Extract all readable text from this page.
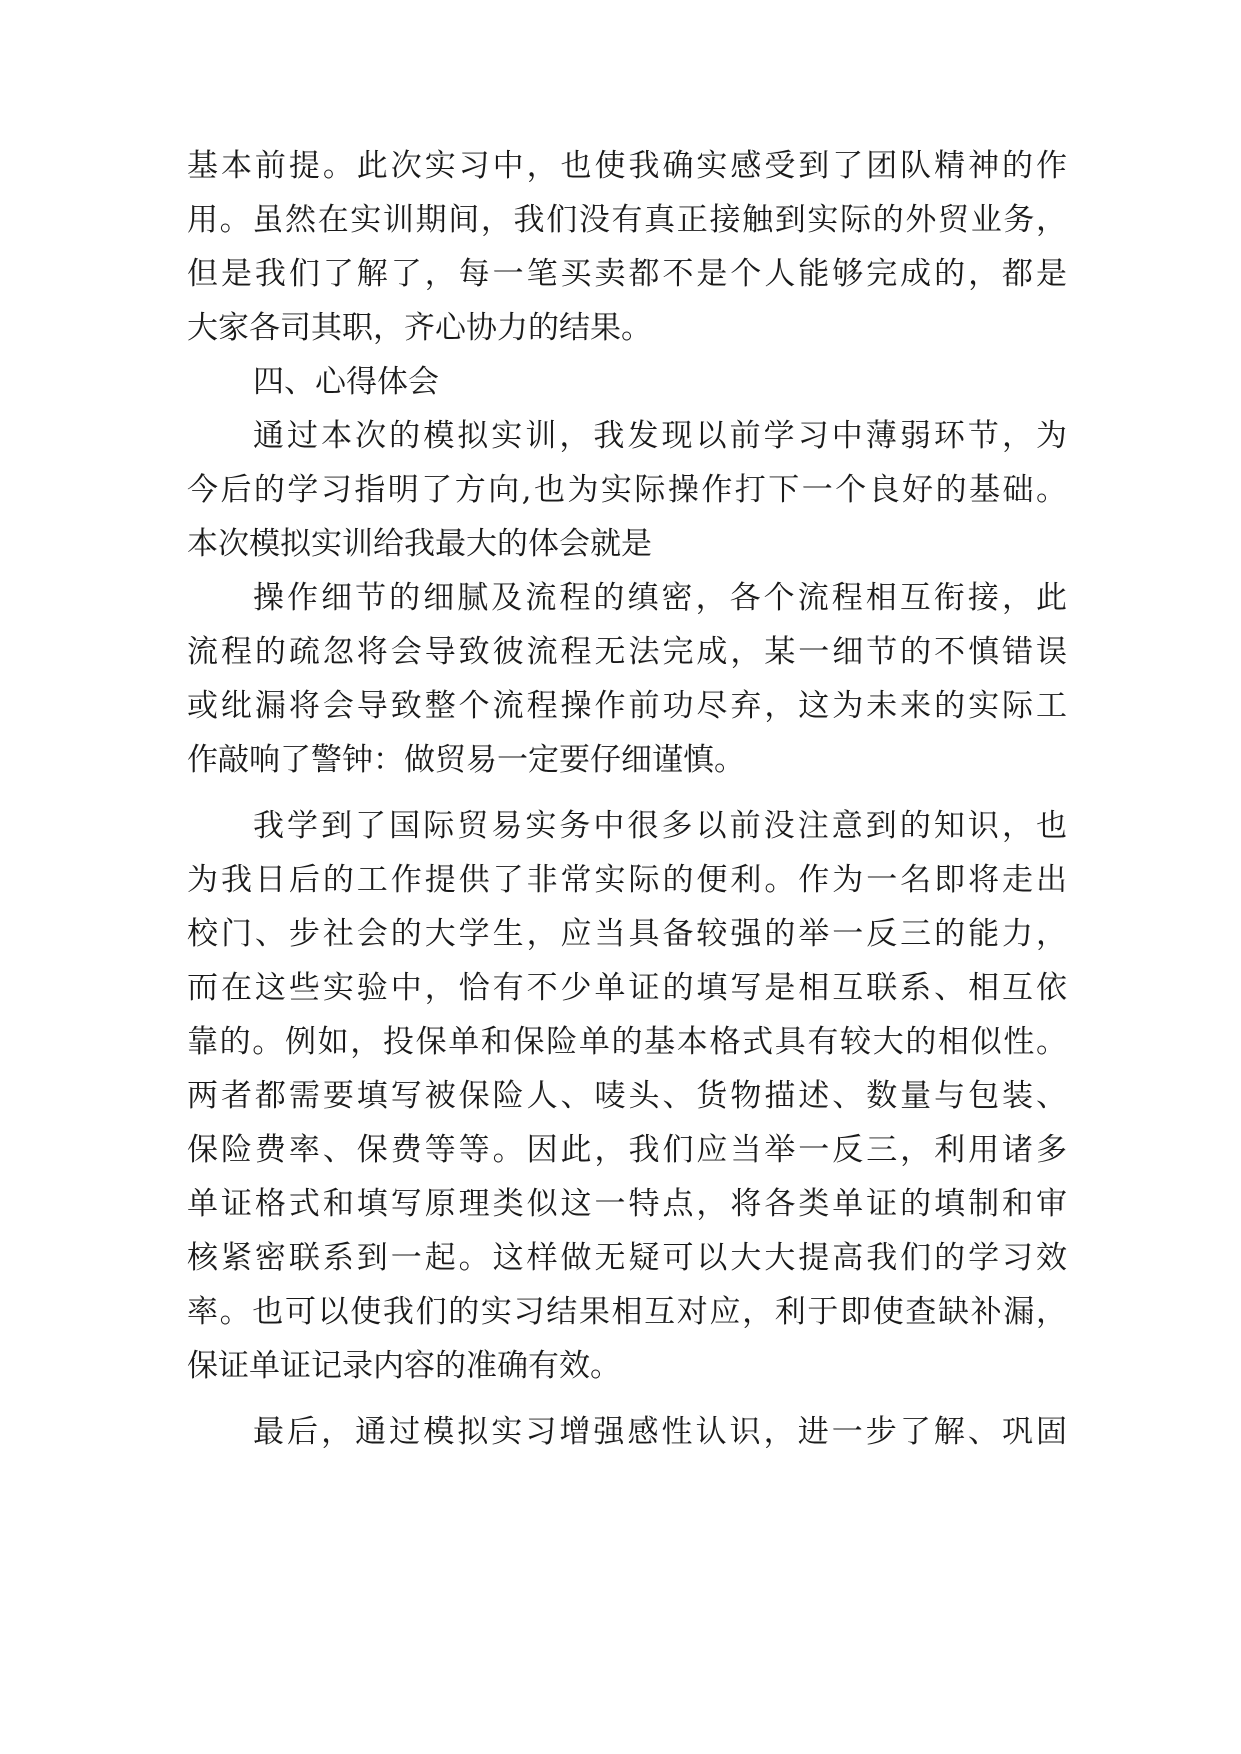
基本前提。此次实习中，也使我确实感受到了团队精神的作
用。虽然在实训期间，我们没有真正接触到实际的外贸业务，
但是我们了解了，每一笔买卖都不是个人能够完成的，都是
大家各司其职，齐心协力的结果。
四、心得体会
通过本次的模拟实训，我发现以前学习中薄弱环节，为
今后的学习指明了方向,也为实际操作打下一个良好的基础。
本次模拟实训给我最大的体会就是
操作细节的细腻及流程的缜密，各个流程相互衔接，此
流程的疏忽将会导致彼流程无法完成，某一细节的不慎错误
或纰漏将会导致整个流程操作前功尽弃，这为未来的实际工
作敲响了警钟：做贸易一定要仔细谨慎。
我学到了国际贸易实务中很多以前没注意到的知识，也
为我日后的工作提供了非常实际的便利。作为一名即将走出
校门、步社会的大学生，应当具备较强的举一反三的能力，
而在这些实验中，恰有不少单证的填写是相互联系、相互依
靠的。例如，投保单和保险单的基本格式具有较大的相似性。
两者都需要填写被保险人、唛头、货物描述、数量与包装、
保险费率、保费等等。因此，我们应当举一反三，利用诸多
单证格式和填写原理类似这一特点，将各类单证的填制和审
核紧密联系到一起。这样做无疑可以大大提高我们的学习效
率。也可以使我们的实习结果相互对应，利于即使查缺补漏，
保证单证记录内容的准确有效。
最后，通过模拟实习增强感性认识，进一步了解、巩固
